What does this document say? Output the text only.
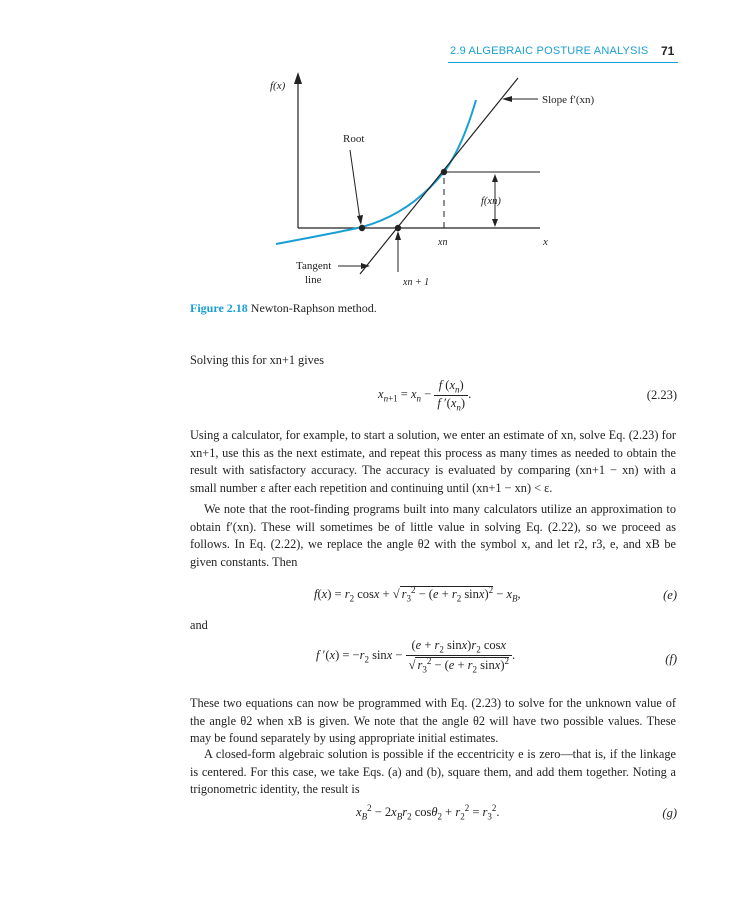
2.9 ALGEBRAIC POSTURE ANALYSIS 71
f(x)
Slope f′(xn)
Root
f(xn)
xn	x
Tangent
line	xn + 1
Figure 2.18 Newton-Raphson method.
Solving this for xn+1 gives
$x_{n+1} = x_n - \frac{f (x_n)}{f '(x_n)}$ .	(2.23)
Using a calculator, for example, to start a solution, we enter an estimate of xn, solve Eq. (2.23) for xn+1, use this as the next estimate, and repeat this process as many times as needed to obtain the result with satisfactory accuracy. The accuracy is evaluated by comparing (xn+1 − xn) with a small number ε after each repetition and continuing until (xn+1 − xn) < ε.
We note that the root-finding programs built into many calculators utilize an approximation to obtain f′(xn). These will sometimes be of little value in solving Eq. (2.22), so we proceed as follows. In Eq. (2.22), we replace the angle θ2 with the symbol x, and let r2, r3, e, and xB be given constants. Then
$f(x) = r_2$ cosx + √ $r_3^2 - (e + r_2$ $\sin x)^2 - x_B$,	(e)
and
f $'(x) = -r_2$ $\sin x - \frac{(e + r_2 \sin x)r_2 \cos x}{√ r_3^2 - (e + r_2 \sin x)^2}$ .	(f)
These two equations can now be programmed with Eq. (2.23) to solve for the unknown value of the angle θ2 when xB is given. We note that the angle θ2 will have two possible values. These may be found separately by using appropriate initial estimates.
A closed-form algebraic solution is possible if the eccentricity e is zero—that is, if the linkage is centered. For this case, we take Eqs. (a) and (b), square them, and add them together. Noting a trigonometric identity, the result is
$x_B^2 - 2x_Br_2$ $\cos\theta_2 + r_2^2 = r_3^2$.	(g)
